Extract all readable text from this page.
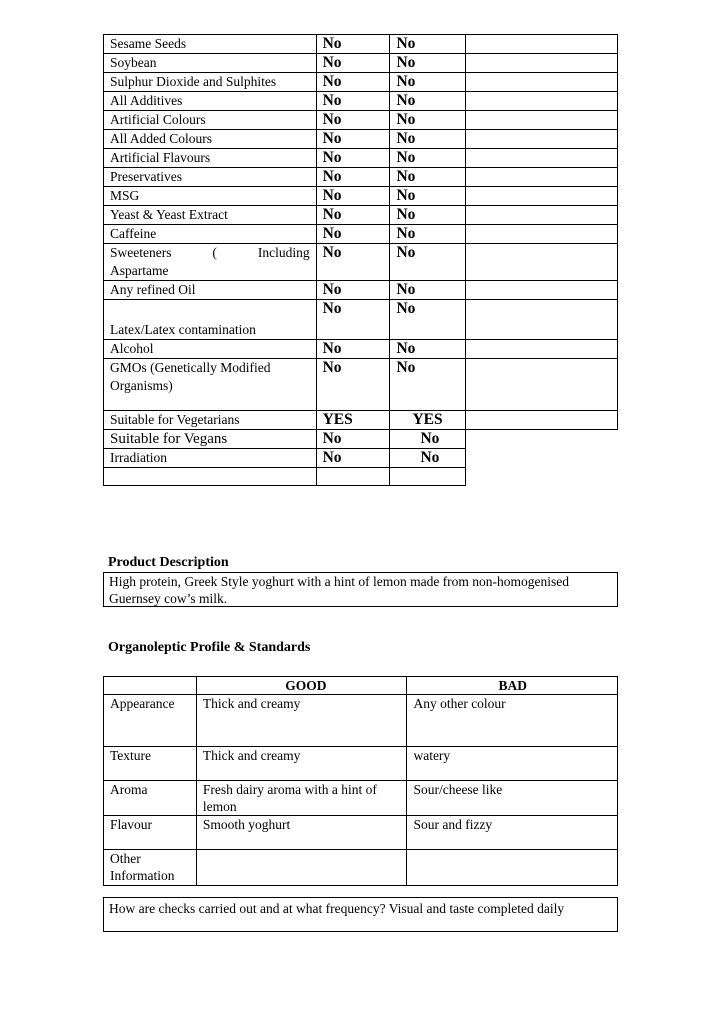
Sesame Seeds	No	No	
Soybean	No	No	
Sulphur Dioxide and Sulphites	No	No	
All Additives	No	No	
Artificial Colours	No	No	
All Added Colours	No	No	
Artificial Flavours	No	No	
Preservatives	No	No	
MSG	No	No	
Yeast & Yeast Extract	No	No	
Caffeine	No	No	

Sweeteners ( Including
Aspartame	No	No	
Any refined Oil	No	No	
Latex/Latex contamination	No	No	
Alcohol	No	No	
GMOs (Genetically Modified Organisms)	No	No	
Suitable for Vegetarians	YES	YES	
Suitable for Vegans	No	No	
Irradiation	No	No	

Product Description
High protein, Greek Style yoghurt with a hint of lemon made from non-homogenised Guernsey cow’s milk.
Organoleptic Profile & Standards
	GOOD	BAD
Appearance	Thick and creamy	Any other colour
Texture	Thick and creamy	watery
Aroma	Fresh dairy aroma with a hint of lemon	Sour/cheese like
Flavour	Smooth yoghurt	Sour and fizzy
Other Information		
How are checks carried out and at what frequency? Visual and taste completed daily
